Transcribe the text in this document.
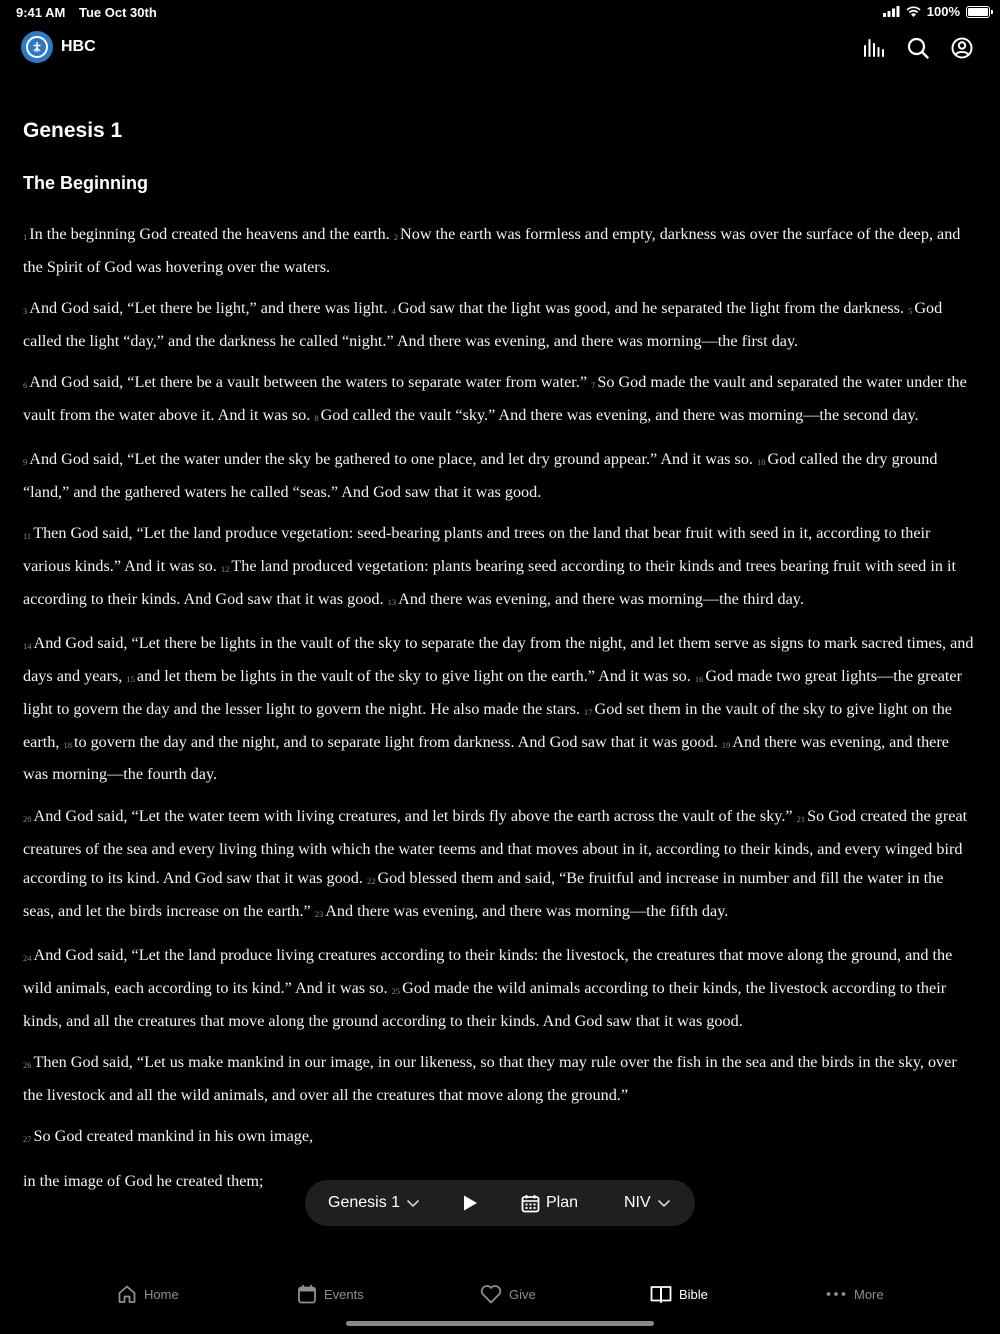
9:41 AM Tue Oct 30th	100%
HBC
Genesis 1
The Beginning

1 In the beginning God created the heavens and the earth. 2 Now the earth was formless and empty, darkness was over the surface of the deep, and the Spirit of God was hovering over the waters.

3 And God said, “Let there be light,” and there was light. 4 God saw that the light was good, and he separated the light from the darkness. 5 God called the light “day,” and the darkness he called “night.” And there was evening, and there was morning—the first day.

6 And God said, “Let there be a vault between the waters to separate water from water.” 7 So God made the vault and separated the water under the vault from the water above it. And it was so. 8 God called the vault “sky.” And there was evening, and there was morning—the second day.

9 And God said, “Let the water under the sky be gathered to one place, and let dry ground appear.” And it was so. 10 God called the dry ground “land,” and the gathered waters he called “seas.” And God saw that it was good.

11 Then God said, “Let the land produce vegetation: seed-bearing plants and trees on the land that bear fruit with seed in it, according to their various kinds.” And it was so. 12 The land produced vegetation: plants bearing seed according to their kinds and trees bearing fruit with seed in it according to their kinds. And God saw that it was good. 13 And there was evening, and there was morning—the third day.

14 And God said, “Let there be lights in the vault of the sky to separate the day from the night, and let them serve as signs to mark sacred times, and days and years, 15 and let them be lights in the vault of the sky to give light on the earth.” And it was so. 16 God made two great lights—the greater light to govern the day and the lesser light to govern the night. He also made the stars. 17 God set them in the vault of the sky to give light on the earth, 18 to govern the day and the night, and to separate light from darkness. And God saw that it was good. 19 And there was evening, and there was morning—the fourth day.

20 And God said, “Let the water teem with living creatures, and let birds fly above the earth across the vault of the sky.” 21 So God created the great creatures of the sea and every living thing with which the water teems and that moves about in it, according to their kinds, and every winged bird according to its kind. And God saw that it was good. 22 God blessed them and said, “Be fruitful and increase in number and fill the water in the seas, and let the birds increase on the earth.” 23 And there was evening, and there was morning—the fifth day.

24 And God said, “Let the land produce living creatures according to their kinds: the livestock, the creatures that move along the ground, and the wild animals, each according to its kind.” And it was so. 25 God made the wild animals according to their kinds, the livestock according to their kinds, and all the creatures that move along the ground according to their kinds. And God saw that it was good.

26 Then God said, “Let us make mankind in our image, in our likeness, so that they may rule over the fish in the sea and the birds in the sky, over the livestock and all the wild animals, and over all the creatures that move along the ground.”

27 So God created mankind in his own image,

in the image of God he created them;

Genesis 1	Plan	NIV
Home	Events	Give	Bible	More
